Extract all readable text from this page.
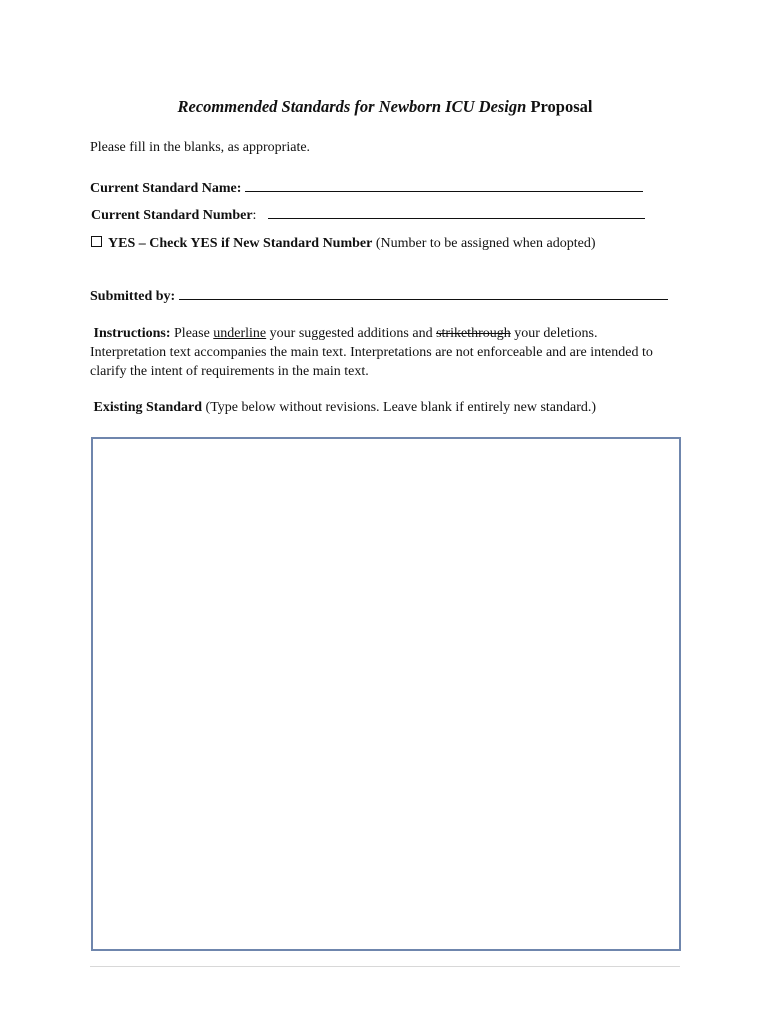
Recommended Standards for Newborn ICU Design Proposal
Please fill in the blanks, as appropriate.
Current Standard Name:
Current Standard Number:
YES – Check YES if New Standard Number (Number to be assigned when adopted)
Submitted by:
Instructions: Please underline your suggested additions and strikethrough your deletions. Interpretation text accompanies the main text. Interpretations are not enforceable and are intended to clarify the intent of requirements in the main text.
Existing Standard (Type below without revisions. Leave blank if entirely new standard.)
